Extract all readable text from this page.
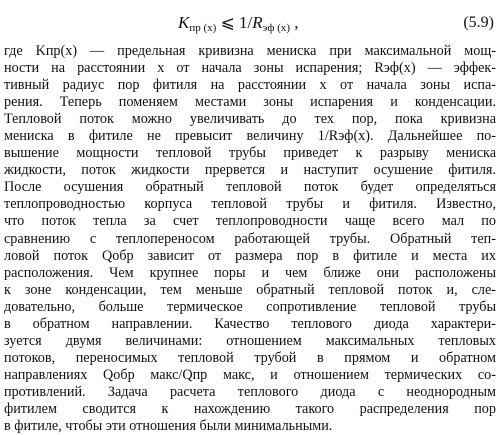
$K_{пр (x)}$ ⩽ $1/R_{эф (x)}$ ,	(5.9)
где Kпр(x) — предельная кривизна мениска при максимальной мощ-
ности на расстоянии x от начала зоны испарения; Rэф(x) — эффек-
тивный радиус пор фитиля на расстоянии x от начала зоны испа-
рения. Теперь поменяем местами зоны испарения и конденсации.
Тепловой поток можно увеличивать до тех пор, пока кривизна
мениска в фитиле не превысит величину 1/Rэф(x). Дальнейшее по-
вышение мощности тепловой трубы приведет к разрыву мениска
жидкости, поток жидкости прервется и наступит осушение фитиля.
После осушения обратный тепловой поток будет определяться
теплопроводностью корпуса тепловой трубы и фитиля. Известно,
что поток тепла за счет теплопроводности чаще всего мал по
сравнению с теплопереносом работающей трубы. Обратный теп-
ловой поток Qобр зависит от размера пор в фитиле и места их
расположения. Чем крупнее поры и чем ближе они расположены
к зоне конденсации, тем меньше обратный тепловой поток и, сле-
довательно, больше термическое сопротивление тепловой трубы
в обратном направлении. Качество теплового диода характери-
зуется двумя величинами: отношением максимальных тепловых
потоков, переносимых тепловой трубой в прямом и обратном
направлениях Qобр макс/Qпр макс, и отношением термических со-
противлений. Задача расчета теплового диода с неоднородным
фитилем сводится к нахождению такого распределения пор
в фитиле, чтобы эти отношения были минимальными.
